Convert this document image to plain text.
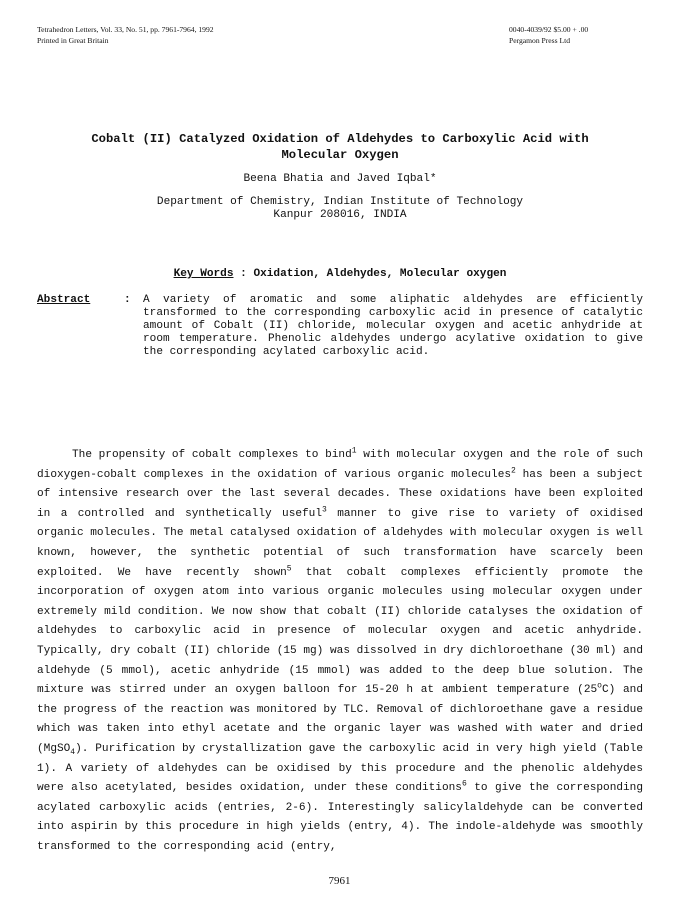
Tetrahedron Letters, Vol. 33, No. 51, pp. 7961-7964, 1992
Printed in Great Britain
0040-4039/92 $5.00 + .00
Pergamon Press Ltd
Cobalt (II) Catalyzed Oxidation of Aldehydes to Carboxylic Acid with
Molecular Oxygen
Beena Bhatia and Javed Iqbal*
Department of Chemistry, Indian Institute of Technology
Kanpur 208016, INDIA
Key Words : Oxidation, Aldehydes, Molecular oxygen
Abstract	: A variety of aromatic and some aliphatic aldehydes are efficiently transformed to the corresponding carboxylic acid in presence of catalytic amount of Cobalt (II) chloride, molecular oxygen and acetic anhydride at room temperature. Phenolic aldehydes undergo acylative oxidation to give the corresponding acylated carboxylic acid.

The propensity of cobalt complexes to bind$^1$ with molecular oxygen and the role of such dioxygen-cobalt complexes in the oxidation of various organic molecules$^2$ has been a subject of intensive research over the last several decades. These oxidations have been exploited in a controlled and synthetically useful$^3$ manner to give rise to variety of oxidised organic molecules. The metal catalysed oxidation of aldehydes with molecular oxygen is well known, however, the synthetic potential of such transformation have scarcely been exploited. We have recently shown$^5$ that cobalt complexes efficiently promote the incorporation of oxygen atom into various organic molecules using molecular oxygen under extremely mild condition. We now show that cobalt (II) chloride catalyses the oxidation of aldehydes to carboxylic acid in presence of molecular oxygen and acetic anhydride. Typically, dry cobalt (II) chloride (15 mg) was dissolved in dry dichloroethane (30 ml) and aldehyde (5 mmol), acetic anhydride (15 mmol) was added to the deep blue solution. The mixture was stirred under an oxygen balloon for 15-20 h at ambient temperature (25$^o$C) and the progress of the reaction was monitored by TLC. Removal of dichloroethane gave a residue which was taken into ethyl acetate and the organic layer was washed with water and dried (MgSO$_4$). Purification by crystallization gave the carboxylic acid in very high yield (Table 1). A variety of aldehydes can be oxidised by this procedure and the phenolic aldehydes were also acetylated, besides oxidation, under these conditions$^6$ to give the corresponding acylated carboxylic acids (entries, 2-6). Interestingly salicylaldehyde can be converted into aspirin by this procedure in high yields (entry, 4). The indole-aldehyde was smoothly transformed to the corresponding acid (entry,

7961
